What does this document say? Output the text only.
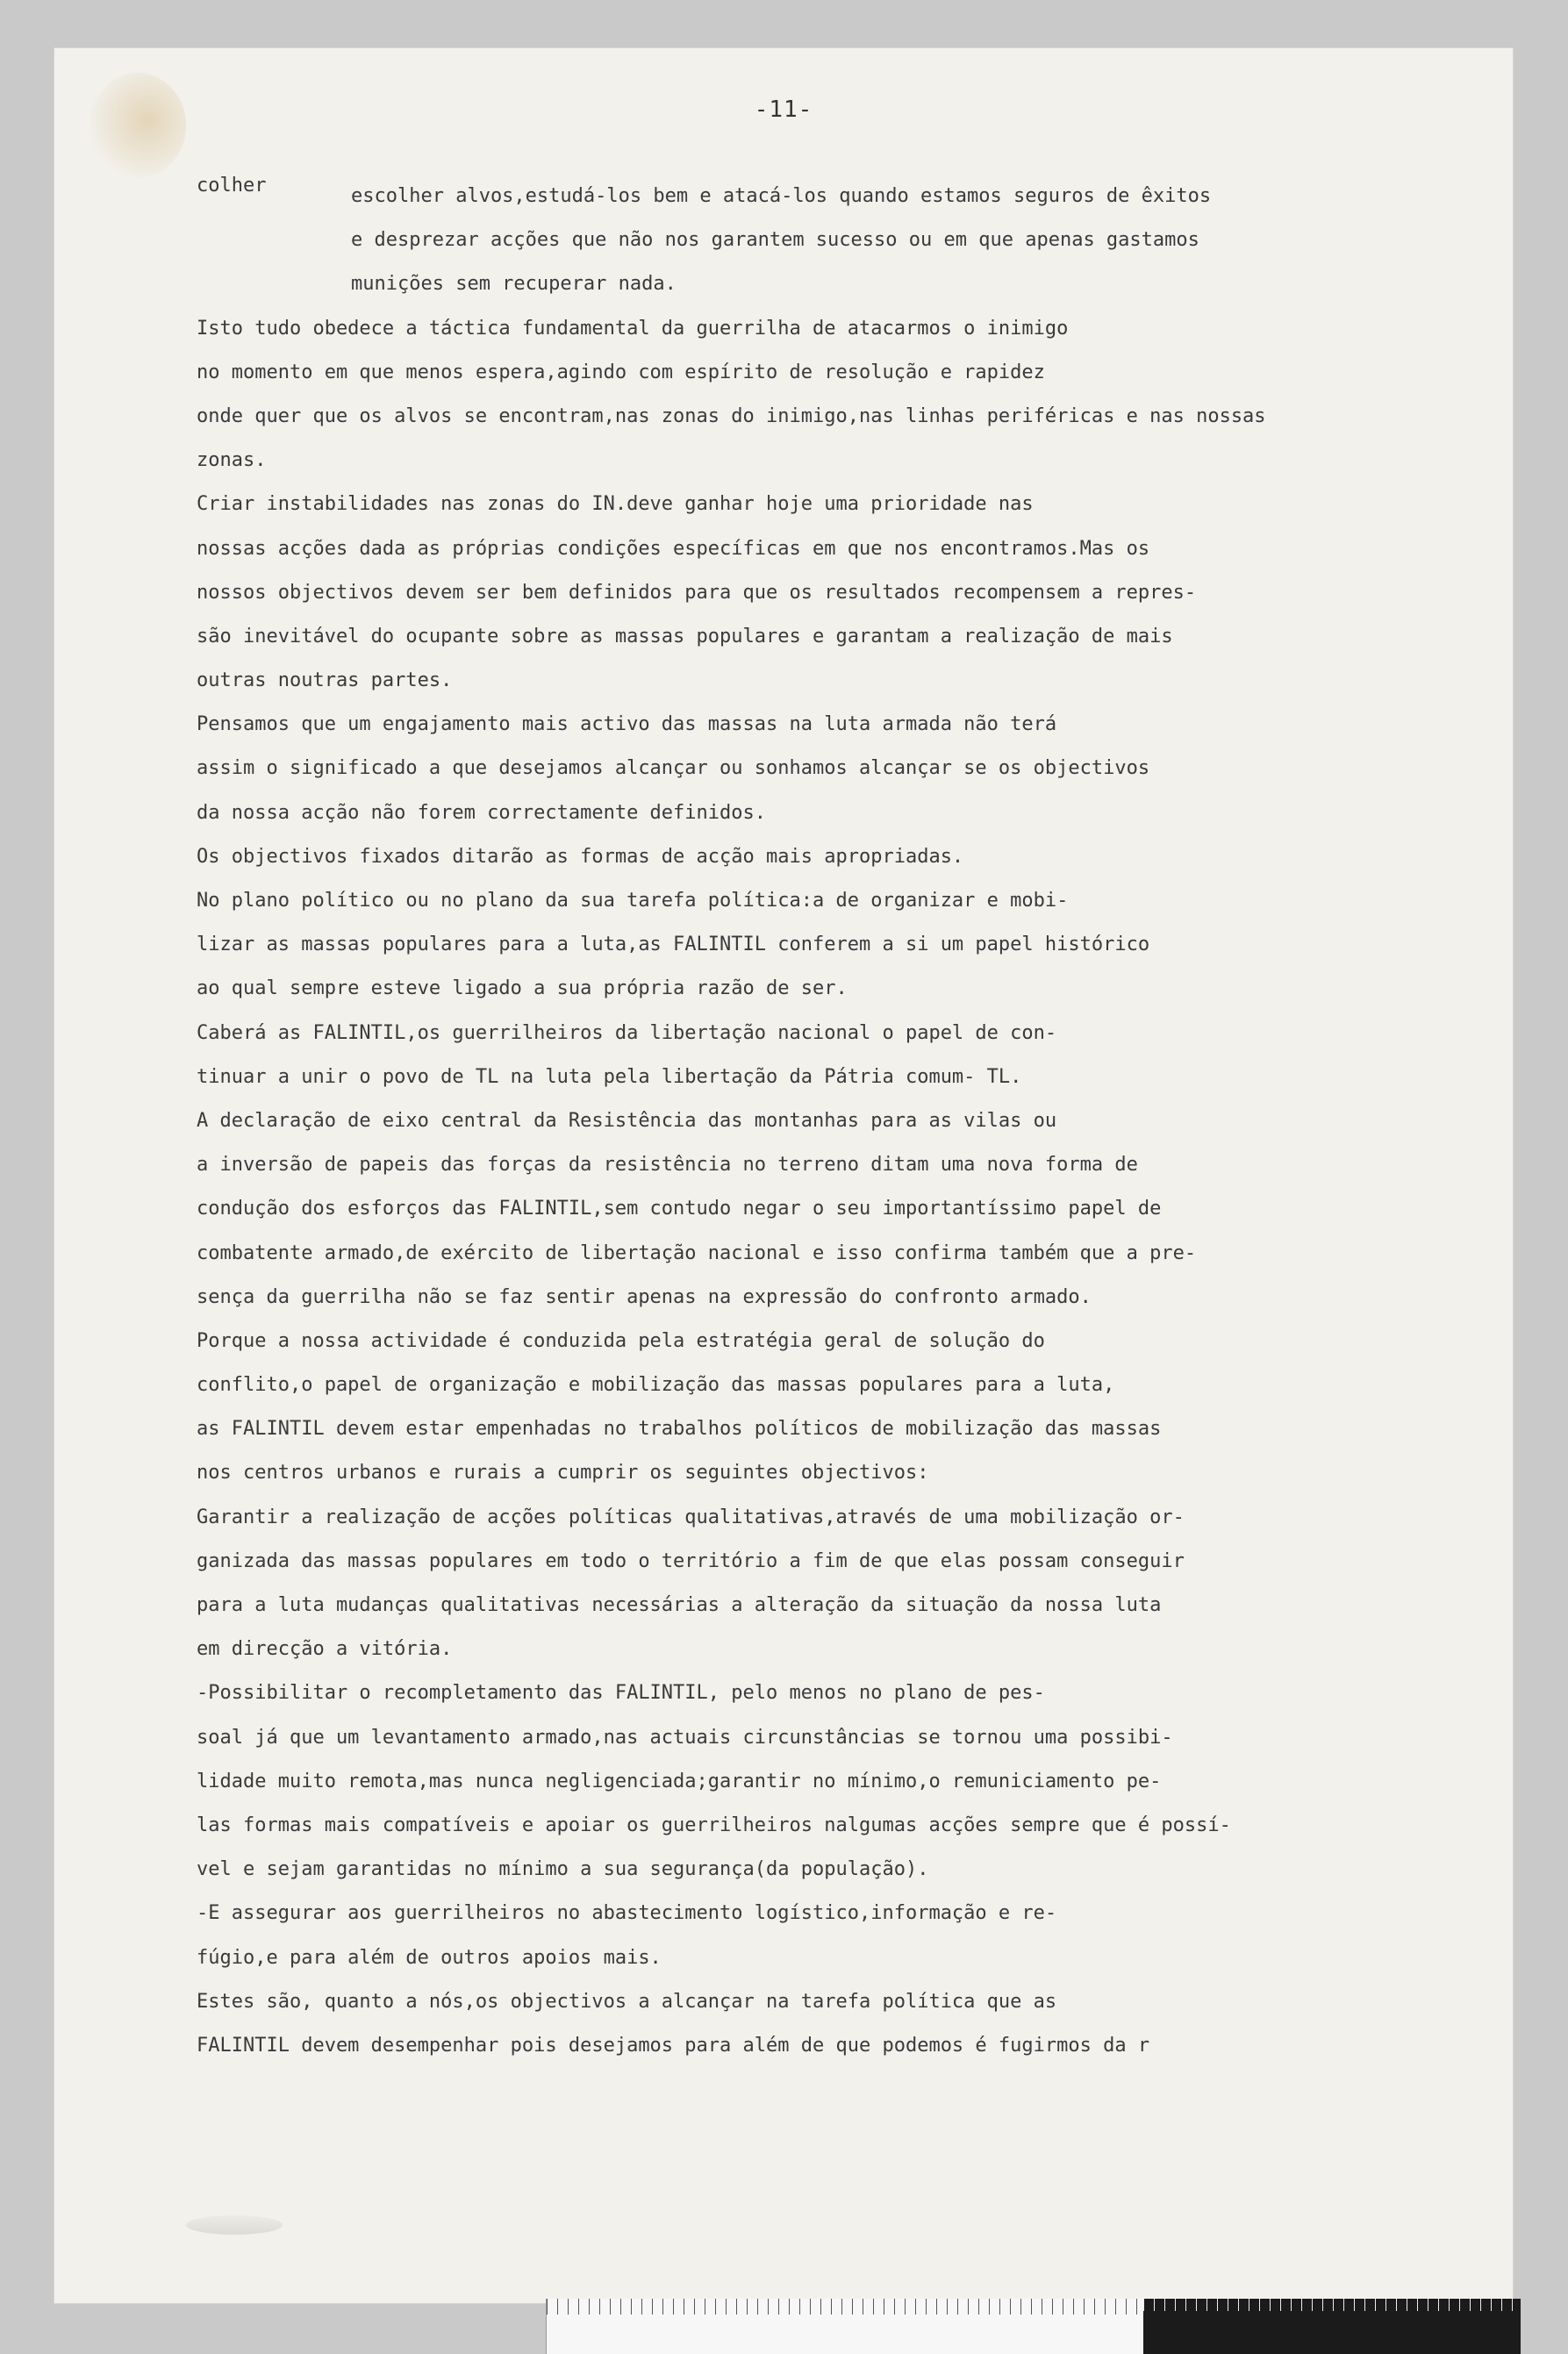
-11-
colher	escolher alvos,estudá-los bem e atacá-los quando estamos seguros de êxitos
e desprezar acções que não nos garantem sucesso ou em que apenas gastamos
munições sem recuperar nada.
Isto tudo obedece a táctica fundamental da guerrilha de atacarmos o inimigo
no momento em que menos espera,agindo com espírito de resolução e rapidez
onde quer que os alvos se encontram,nas zonas do inimigo,nas linhas periféricas e nas nossas
zonas.
Criar instabilidades nas zonas do IN.deve ganhar hoje uma prioridade nas
nossas acções dada as próprias condições específicas em que nos encontramos.Mas os
nossos objectivos devem ser bem definidos para que os resultados recompensem a repres-
são inevitável do ocupante sobre as massas populares e garantam a realização de mais
outras noutras partes.
Pensamos que um engajamento mais activo das massas na luta armada não terá
assim o significado a que desejamos alcançar ou sonhamos alcançar se os objectivos
da nossa acção não forem correctamente definidos.
Os objectivos fixados ditarão as formas de acção mais apropriadas.
No plano político ou no plano da sua tarefa política:a de organizar e mobi-
lizar as massas populares para a luta,as FALINTIL conferem a si um papel histórico
ao qual sempre esteve ligado a sua própria razão de ser.
Caberá as FALINTIL,os guerrilheiros da libertação nacional o papel de con-
tinuar a unir o povo de TL na luta pela libertação da Pátria comum- TL.
A declaração de eixo central da Resistência das montanhas para as vilas ou
a inversão de papeis das forças da resistência no terreno ditam uma nova forma de
condução dos esforços das FALINTIL,sem contudo negar o seu importantíssimo papel de
combatente armado,de exército de libertação nacional e isso confirma também que a pre-
sença da guerrilha não se faz sentir apenas na expressão do confronto armado.
Porque a nossa actividade é conduzida pela estratégia geral de solução do
conflito,o papel de organização e mobilização das massas populares para a luta,
as FALINTIL devem estar empenhadas no trabalhos políticos de mobilização das massas
nos centros urbanos e rurais a cumprir os seguintes objectivos:
Garantir a realização de acções políticas qualitativas,através de uma mobilização or-
ganizada das massas populares em todo o território a fim de que elas possam conseguir
para a luta mudanças qualitativas necessárias a alteração da situação da nossa luta
em direcção a vitória.
-Possibilitar o recompletamento das FALINTIL, pelo menos no plano de pes-
soal já que um levantamento armado,nas actuais circunstâncias se tornou uma possibi-
lidade muito remota,mas nunca negligenciada;garantir no mínimo,o remuniciamento pe-
las formas mais compatíveis e apoiar os guerrilheiros nalgumas acções sempre que é possí-
vel e sejam garantidas no mínimo a sua segurança(da população).
-E assegurar aos guerrilheiros no abastecimento logístico,informação e re-
fúgio,e para além de outros apoios mais.
Estes são, quanto a nós,os objectivos a alcançar na tarefa política que as
FALINTIL devem desempenhar pois desejamos para além de que podemos é fugirmos da r
